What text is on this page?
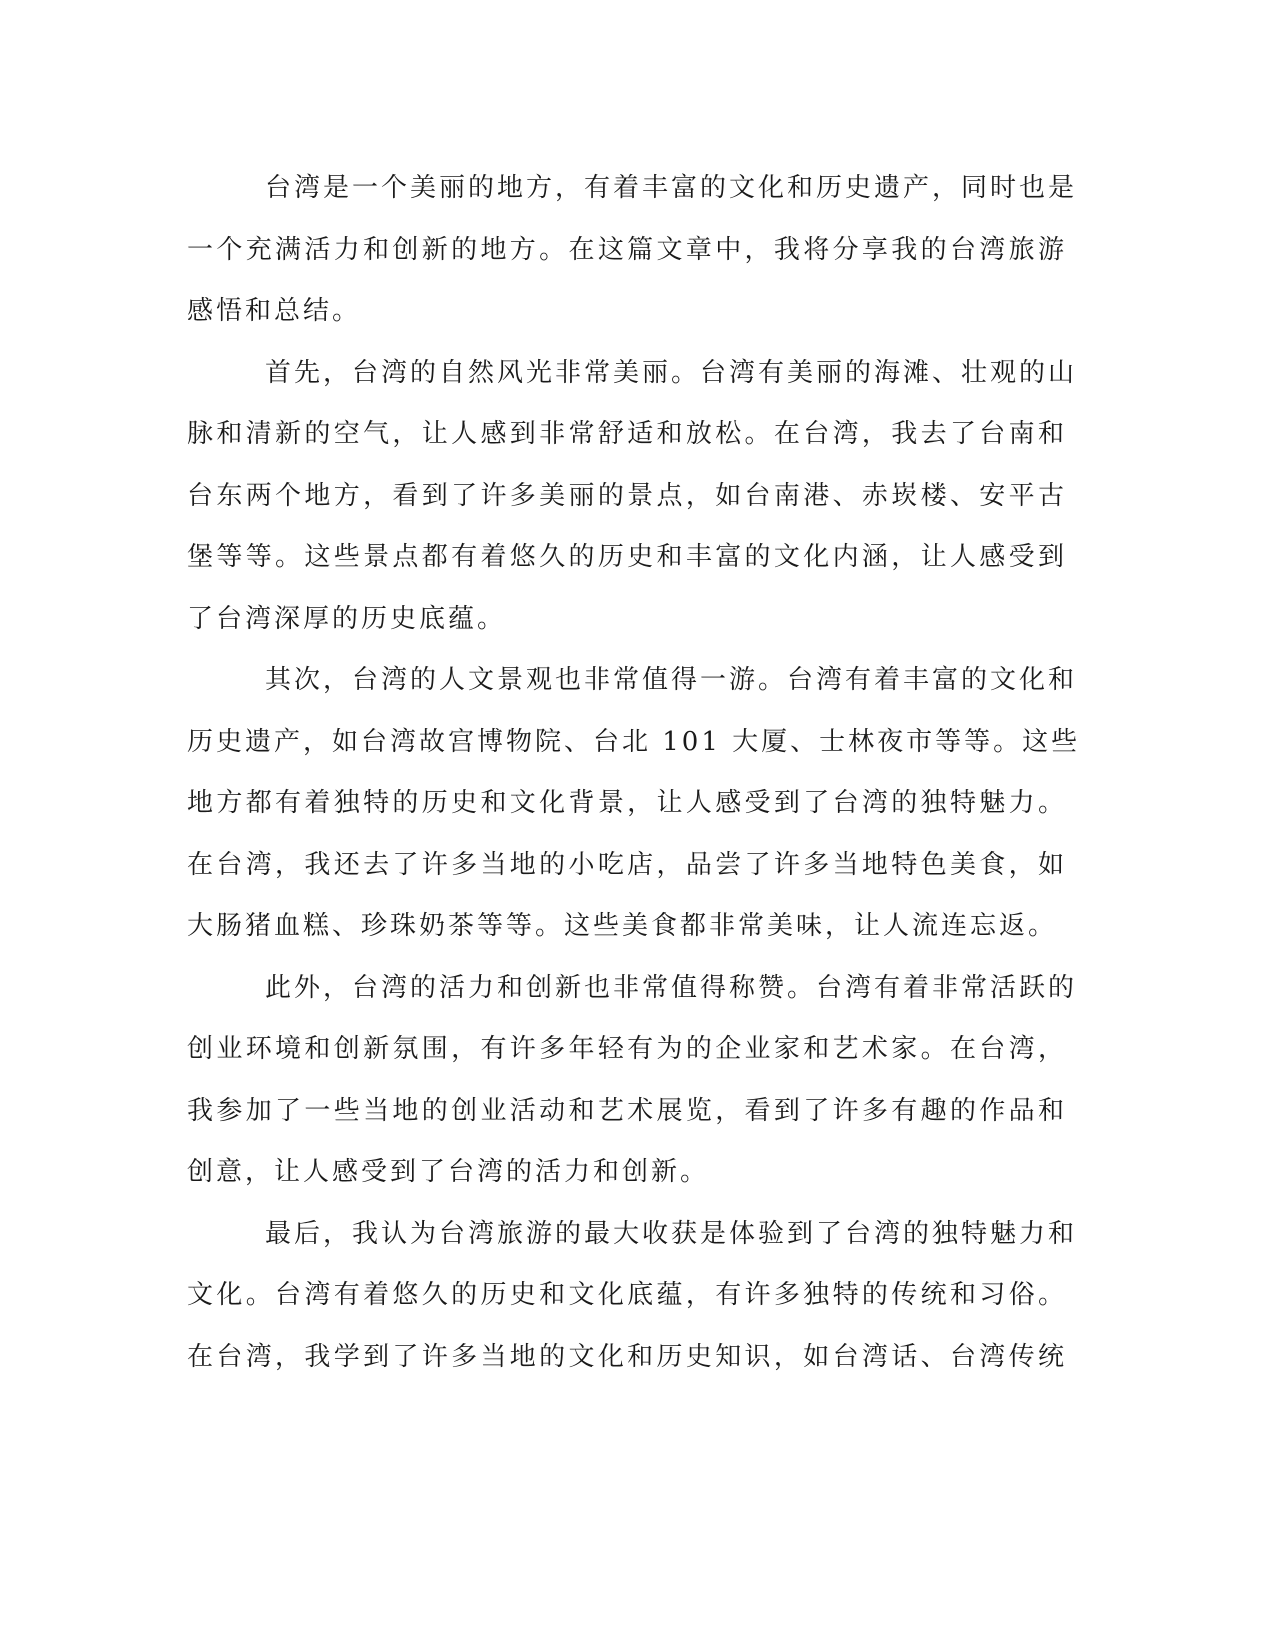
台湾是一个美丽的地方，有着丰富的文化和历史遗产，同时也是
一个充满活力和创新的地方。在这篇文章中，我将分享我的台湾旅游
感悟和总结。
首先，台湾的自然风光非常美丽。台湾有美丽的海滩、壮观的山
脉和清新的空气，让人感到非常舒适和放松。在台湾，我去了台南和
台东两个地方，看到了许多美丽的景点，如台南港、赤崁楼、安平古
堡等等。这些景点都有着悠久的历史和丰富的文化内涵，让人感受到
了台湾深厚的历史底蕴。
其次，台湾的人文景观也非常值得一游。台湾有着丰富的文化和
历史遗产，如台湾故宫博物院、台北 101 大厦、士林夜市等等。这些
地方都有着独特的历史和文化背景，让人感受到了台湾的独特魅力。
在台湾，我还去了许多当地的小吃店，品尝了许多当地特色美食，如
大肠猪血糕、珍珠奶茶等等。这些美食都非常美味，让人流连忘返。
此外，台湾的活力和创新也非常值得称赞。台湾有着非常活跃的
创业环境和创新氛围，有许多年轻有为的企业家和艺术家。在台湾，
我参加了一些当地的创业活动和艺术展览，看到了许多有趣的作品和
创意，让人感受到了台湾的活力和创新。
最后，我认为台湾旅游的最大收获是体验到了台湾的独特魅力和
文化。台湾有着悠久的历史和文化底蕴，有许多独特的传统和习俗。
在台湾，我学到了许多当地的文化和历史知识，如台湾话、台湾传统
